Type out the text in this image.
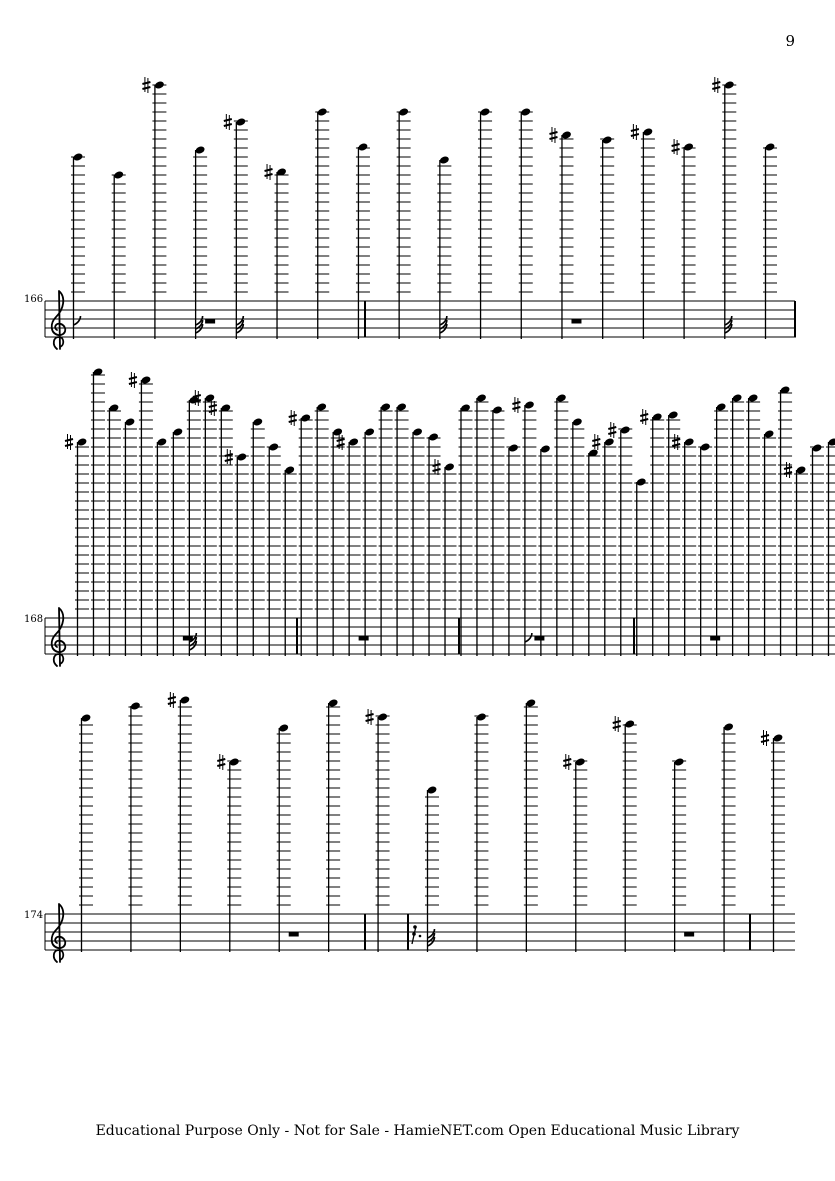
9
166
168
174
Educational Purpose Only - Not for Sale - HamieNET.com Open Educational Music Library
